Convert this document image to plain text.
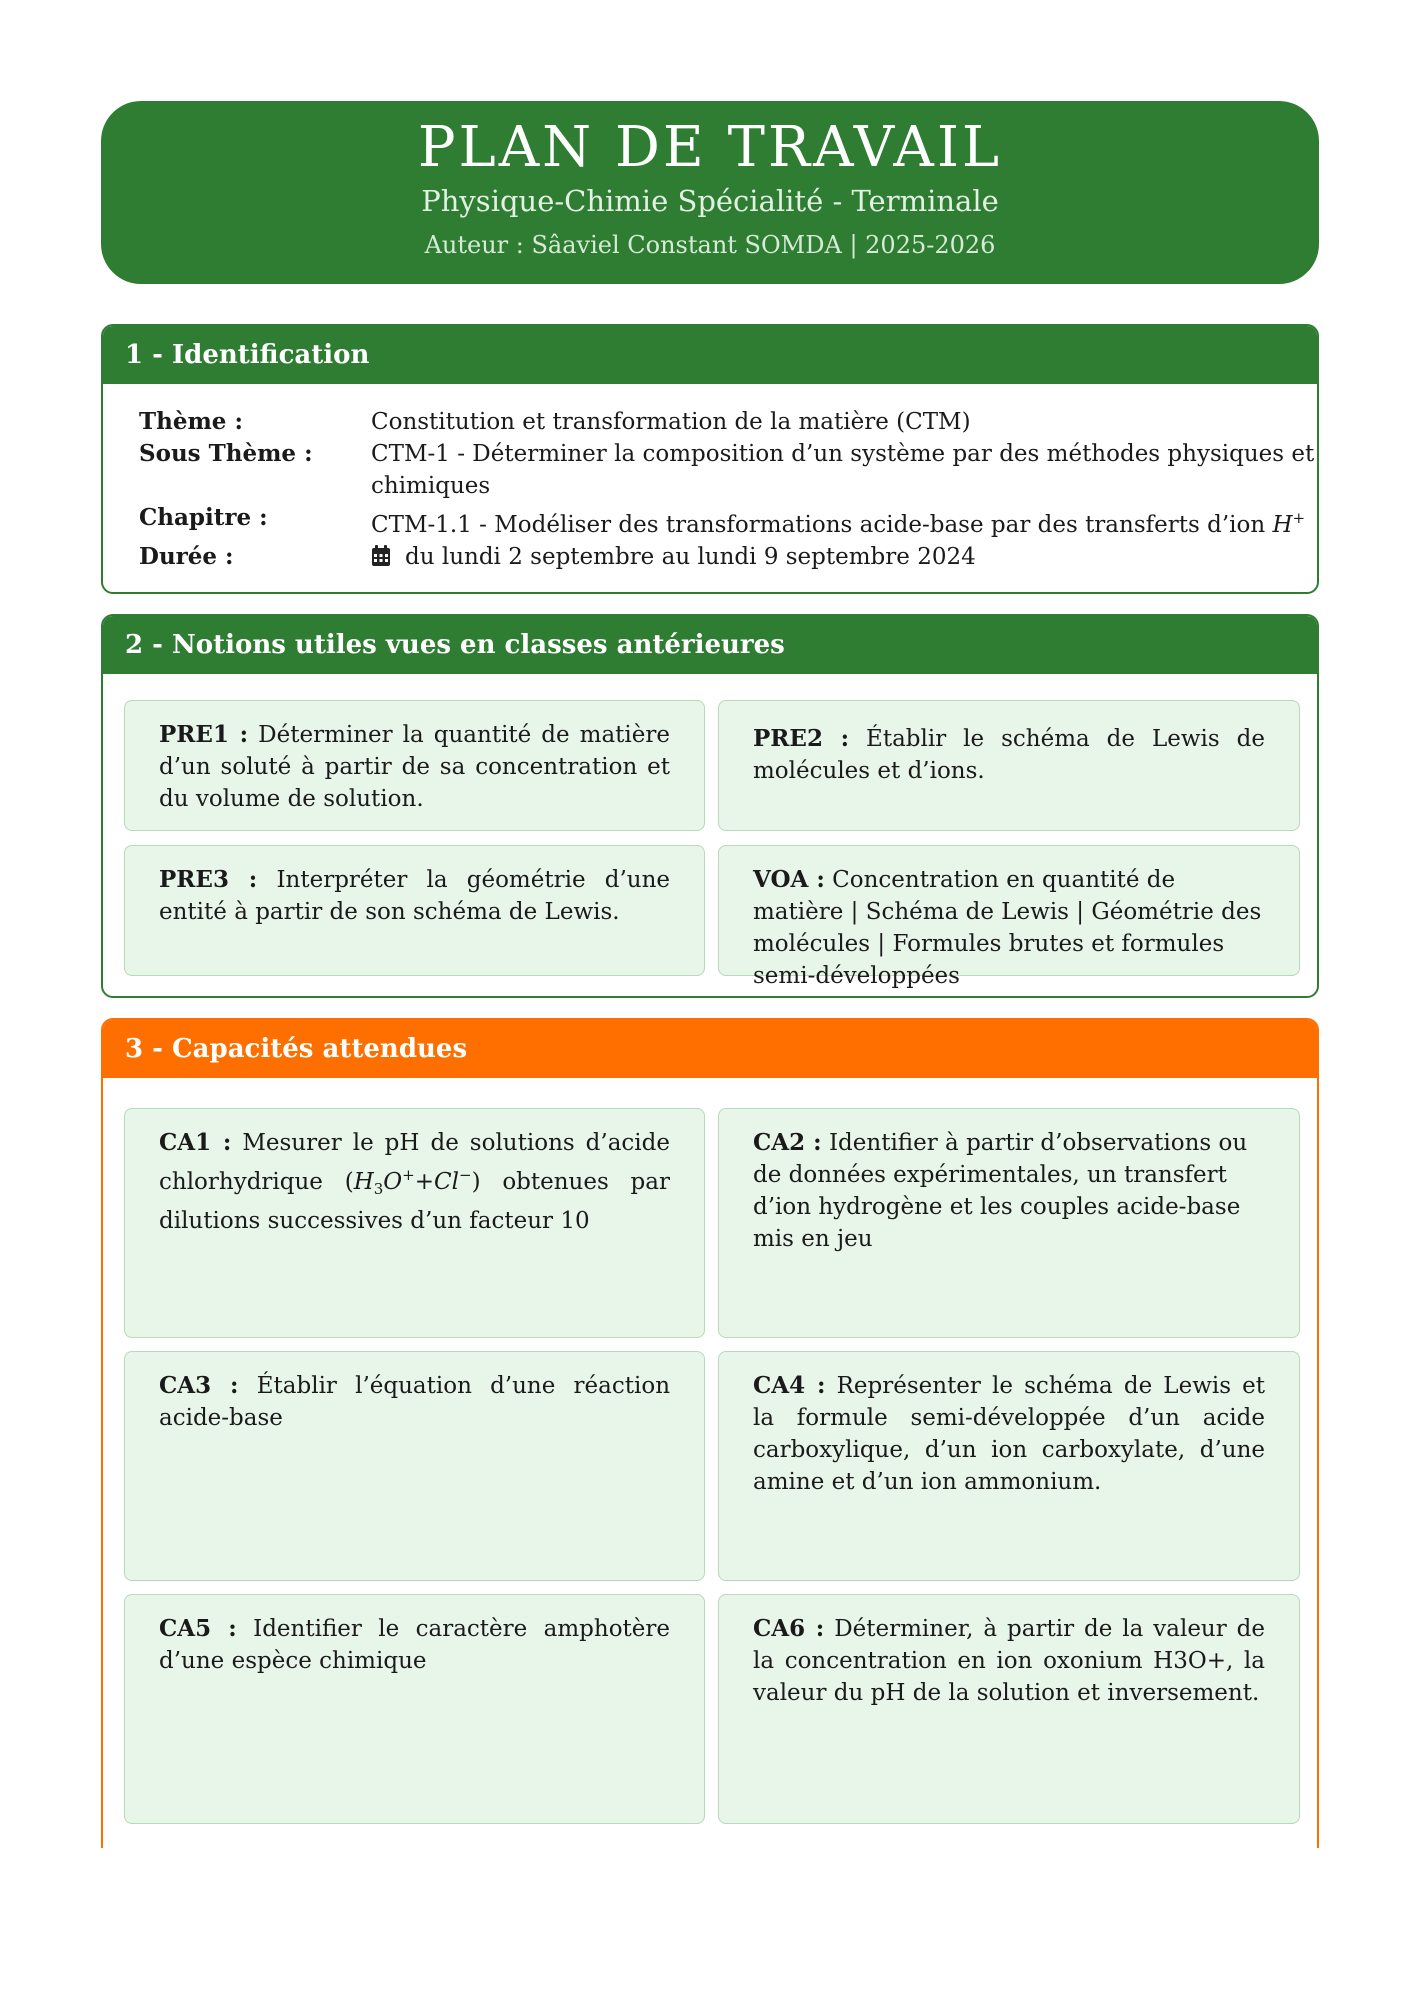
PLAN DE TRAVAIL
Physique-Chimie Spécialité - Terminale
Auteur : Sâaviel Constant SOMDA | 2025-2026
1 - Identification
Thème :	Constitution et transformation de la matière (CTM)
Sous Thème :	CTM-1 - Déterminer la composition d’un système par des méthodes physiques et chimiques
Chapitre :	CTM-1.1 - Modéliser des transformations acide-base par des transferts d’ion H+
Durée :	du lundi 2 septembre au lundi 9 septembre 2024
2 - Notions utiles vues en classes antérieures
PRE1 : Déterminer la quantité de matière d’un soluté à partir de sa concentration et du volume de solution.
PRE2 : Établir le schéma de Lewis de molécules et d’ions.
PRE3 : Interpréter la géométrie d’une entité à partir de son schéma de Lewis.
VOA : Concentration en quantité de matière | Schéma de Lewis | Géométrie des molécules | Formules brutes et formules semi-développées
3 - Capacités attendues
CA1 : Mesurer le pH de solutions d’acide chlorhydrique $(H_3O^++Cl^-)$ obtenues par dilutions successives d’un facteur 10
CA2 : Identifier à partir d’observations ou de données expérimentales, un transfert d’ion hydrogène et les couples acide-base mis en jeu
CA3 : Établir l’équation d’une réaction acide-base
CA4 : Représenter le schéma de Lewis et la formule semi-développée d’un acide carboxylique, d’un ion carboxylate, d’une amine et d’un ion ammonium.
CA5 : Identifier le caractère amphotère d’une espèce chimique
CA6 : Déterminer, à partir de la valeur de la concentration en ion oxonium H3O+, la valeur du pH de la solution et inversement.
